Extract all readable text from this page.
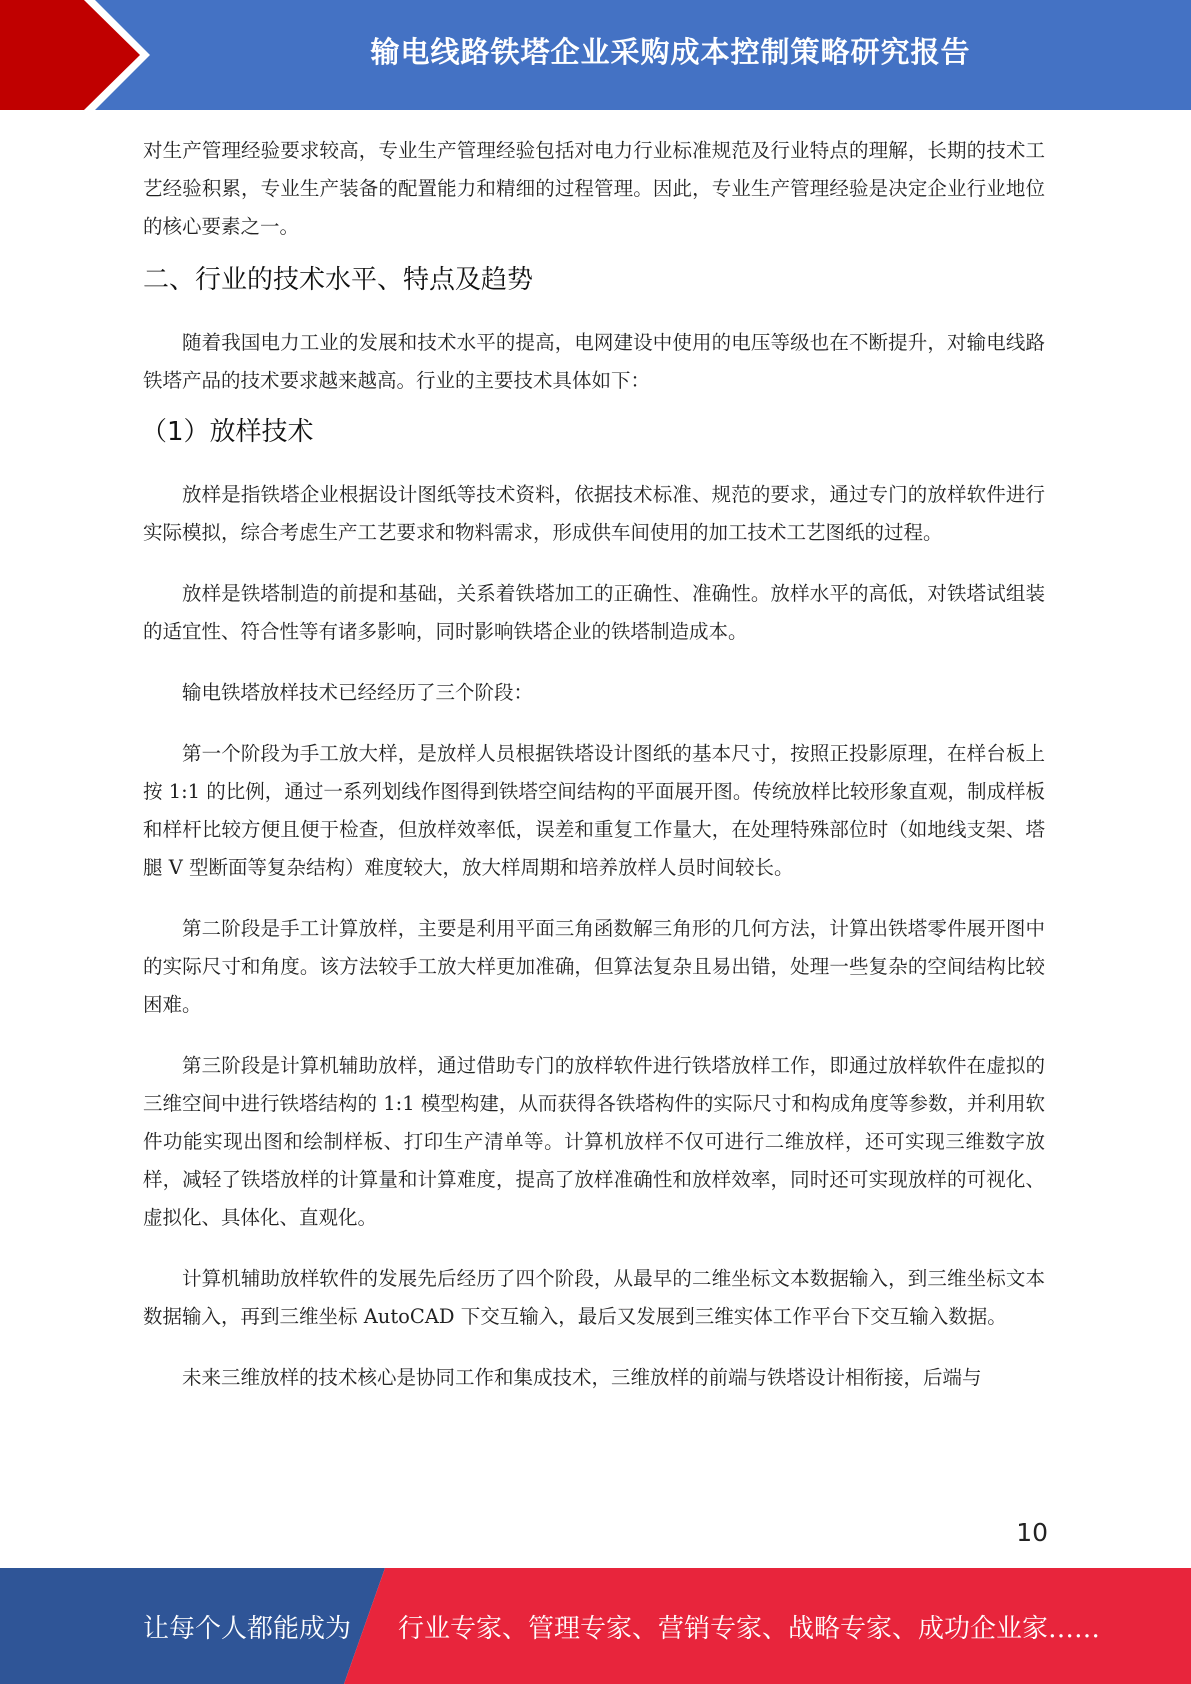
输电线路铁塔企业采购成本控制策略研究报告

对生产管理经验要求较高，专业生产管理经验包括对电力行业标准规范及行业特点的理解，长期的技术工艺经验积累，专业生产装备的配置能力和精细的过程管理。因此，专业生产管理经验是决定企业行业地位的核心要素之一。

二、行业的技术水平、特点及趋势

随着我国电力工业的发展和技术水平的提高，电网建设中使用的电压等级也在不断提升，对输电线路铁塔产品的技术要求越来越高。行业的主要技术具体如下：

（1）放样技术

放样是指铁塔企业根据设计图纸等技术资料，依据技术标准、规范的要求，通过专门的放样软件进行实际模拟，综合考虑生产工艺要求和物料需求，形成供车间使用的加工技术工艺图纸的过程。

放样是铁塔制造的前提和基础，关系着铁塔加工的正确性、准确性。放样水平的高低，对铁塔试组装的适宜性、符合性等有诸多影响，同时影响铁塔企业的铁塔制造成本。

输电铁塔放样技术已经经历了三个阶段：

第一个阶段为手工放大样，是放样人员根据铁塔设计图纸的基本尺寸，按照正投影原理，在样台板上按 1:1 的比例，通过一系列划线作图得到铁塔空间结构的平面展开图。传统放样比较形象直观，制成样板和样杆比较方便且便于检查，但放样效率低，误差和重复工作量大，在处理特殊部位时（如地线支架、塔腿 V 型断面等复杂结构）难度较大，放大样周期和培养放样人员时间较长。

第二阶段是手工计算放样，主要是利用平面三角函数解三角形的几何方法，计算出铁塔零件展开图中的实际尺寸和角度。该方法较手工放大样更加准确，但算法复杂且易出错，处理一些复杂的空间结构比较困难。

第三阶段是计算机辅助放样，通过借助专门的放样软件进行铁塔放样工作，即通过放样软件在虚拟的三维空间中进行铁塔结构的 1:1 模型构建，从而获得各铁塔构件的实际尺寸和构成角度等参数，并利用软件功能实现出图和绘制样板、打印生产清单等。计算机放样不仅可进行二维放样，还可实现三维数字放样，减轻了铁塔放样的计算量和计算难度，提高了放样准确性和放样效率，同时还可实现放样的可视化、虚拟化、具体化、直观化。

计算机辅助放样软件的发展先后经历了四个阶段，从最早的二维坐标文本数据输入，到三维坐标文本数据输入，再到三维坐标 AutoCAD 下交互输入，最后又发展到三维实体工作平台下交互输入数据。

未来三维放样的技术核心是协同工作和集成技术，三维放样的前端与铁塔设计相衔接，后端与

10
让每个人都能成为 行业专家、管理专家、营销专家、战略专家、成功企业家……
